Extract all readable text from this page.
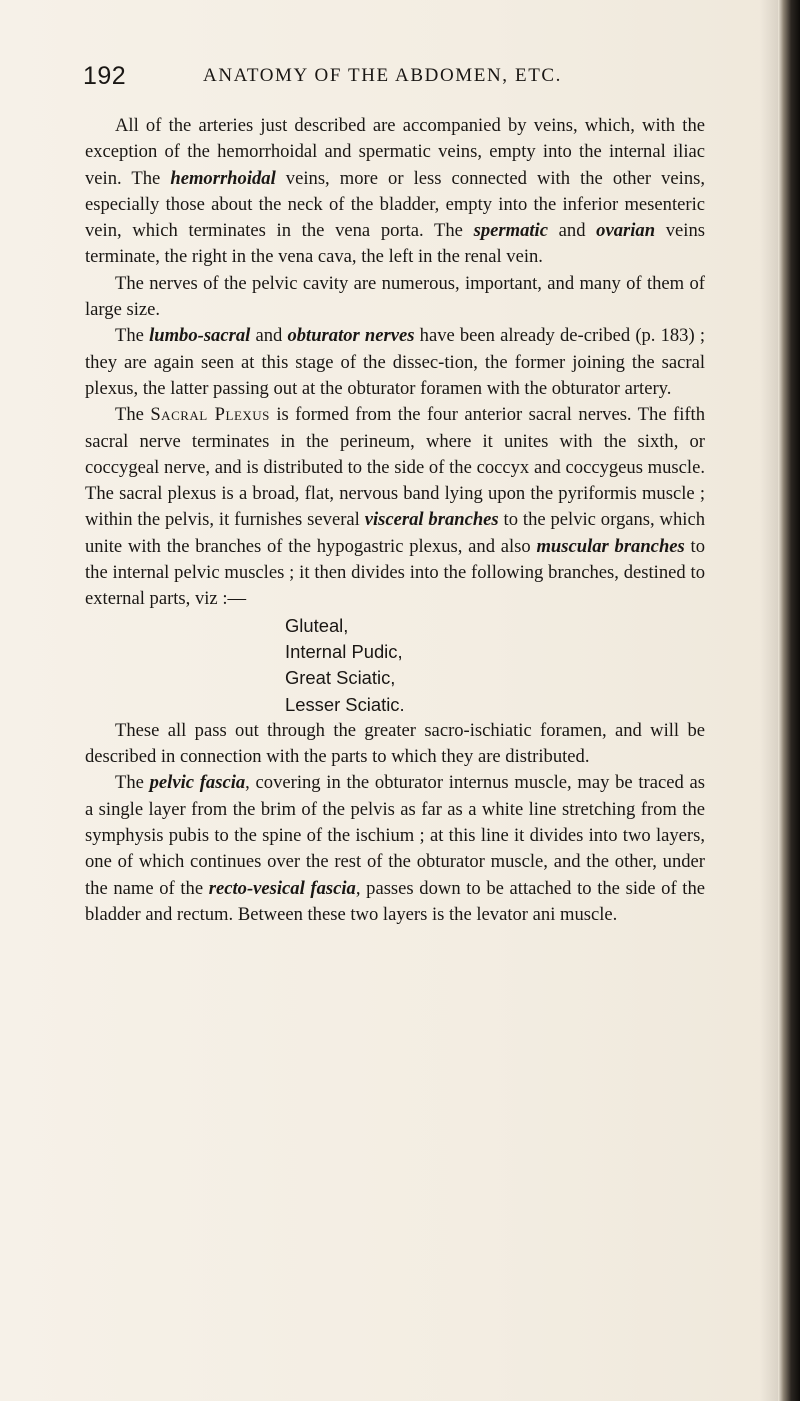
192	ANATOMY OF THE ABDOMEN, ETC.

All of the arteries just described are accompanied by veins, which, with the exception of the hemorrhoidal and spermatic veins, empty into the internal iliac vein. The hemorrhoidal veins, more or less connected with the other veins, especially those about the neck of the bladder, empty into the inferior mesenteric vein, which terminates in the vena porta. The spermatic and ovarian veins terminate, the right in the vena cava, the left in the renal vein.

The nerves of the pelvic cavity are numerous, important, and many of them of large size.

The lumbo-sacral and obturator nerves have been already de-cribed (p. 183) ; they are again seen at this stage of the dissec-tion, the former joining the sacral plexus, the latter passing out at the obturator foramen with the obturator artery.

The Sacral Plexus is formed from the four anterior sacral nerves. The fifth sacral nerve terminates in the perineum, where it unites with the sixth, or coccygeal nerve, and is distributed to the side of the coccyx and coccygeus muscle. The sacral plexus is a broad, flat, nervous band lying upon the pyriformis muscle ; within the pelvis, it furnishes several visceral branches to the pelvic organs, which unite with the branches of the hypogastric plexus, and also muscular branches to the internal pelvic muscles ; it then divides into the following branches, destined to external parts, viz :—

Gluteal,
Internal Pudic,
Great Sciatic,
Lesser Sciatic.

These all pass out through the greater sacro-ischiatic foramen, and will be described in connection with the parts to which they are distributed.

The pelvic fascia, covering in the obturator internus muscle, may be traced as a single layer from the brim of the pelvis as far as a white line stretching from the symphysis pubis to the spine of the ischium ; at this line it divides into two layers, one of which continues over the rest of the obturator muscle, and the other, under the name of the recto-vesical fascia, passes down to be attached to the side of the bladder and rectum. Between these two layers is the levator ani muscle.
